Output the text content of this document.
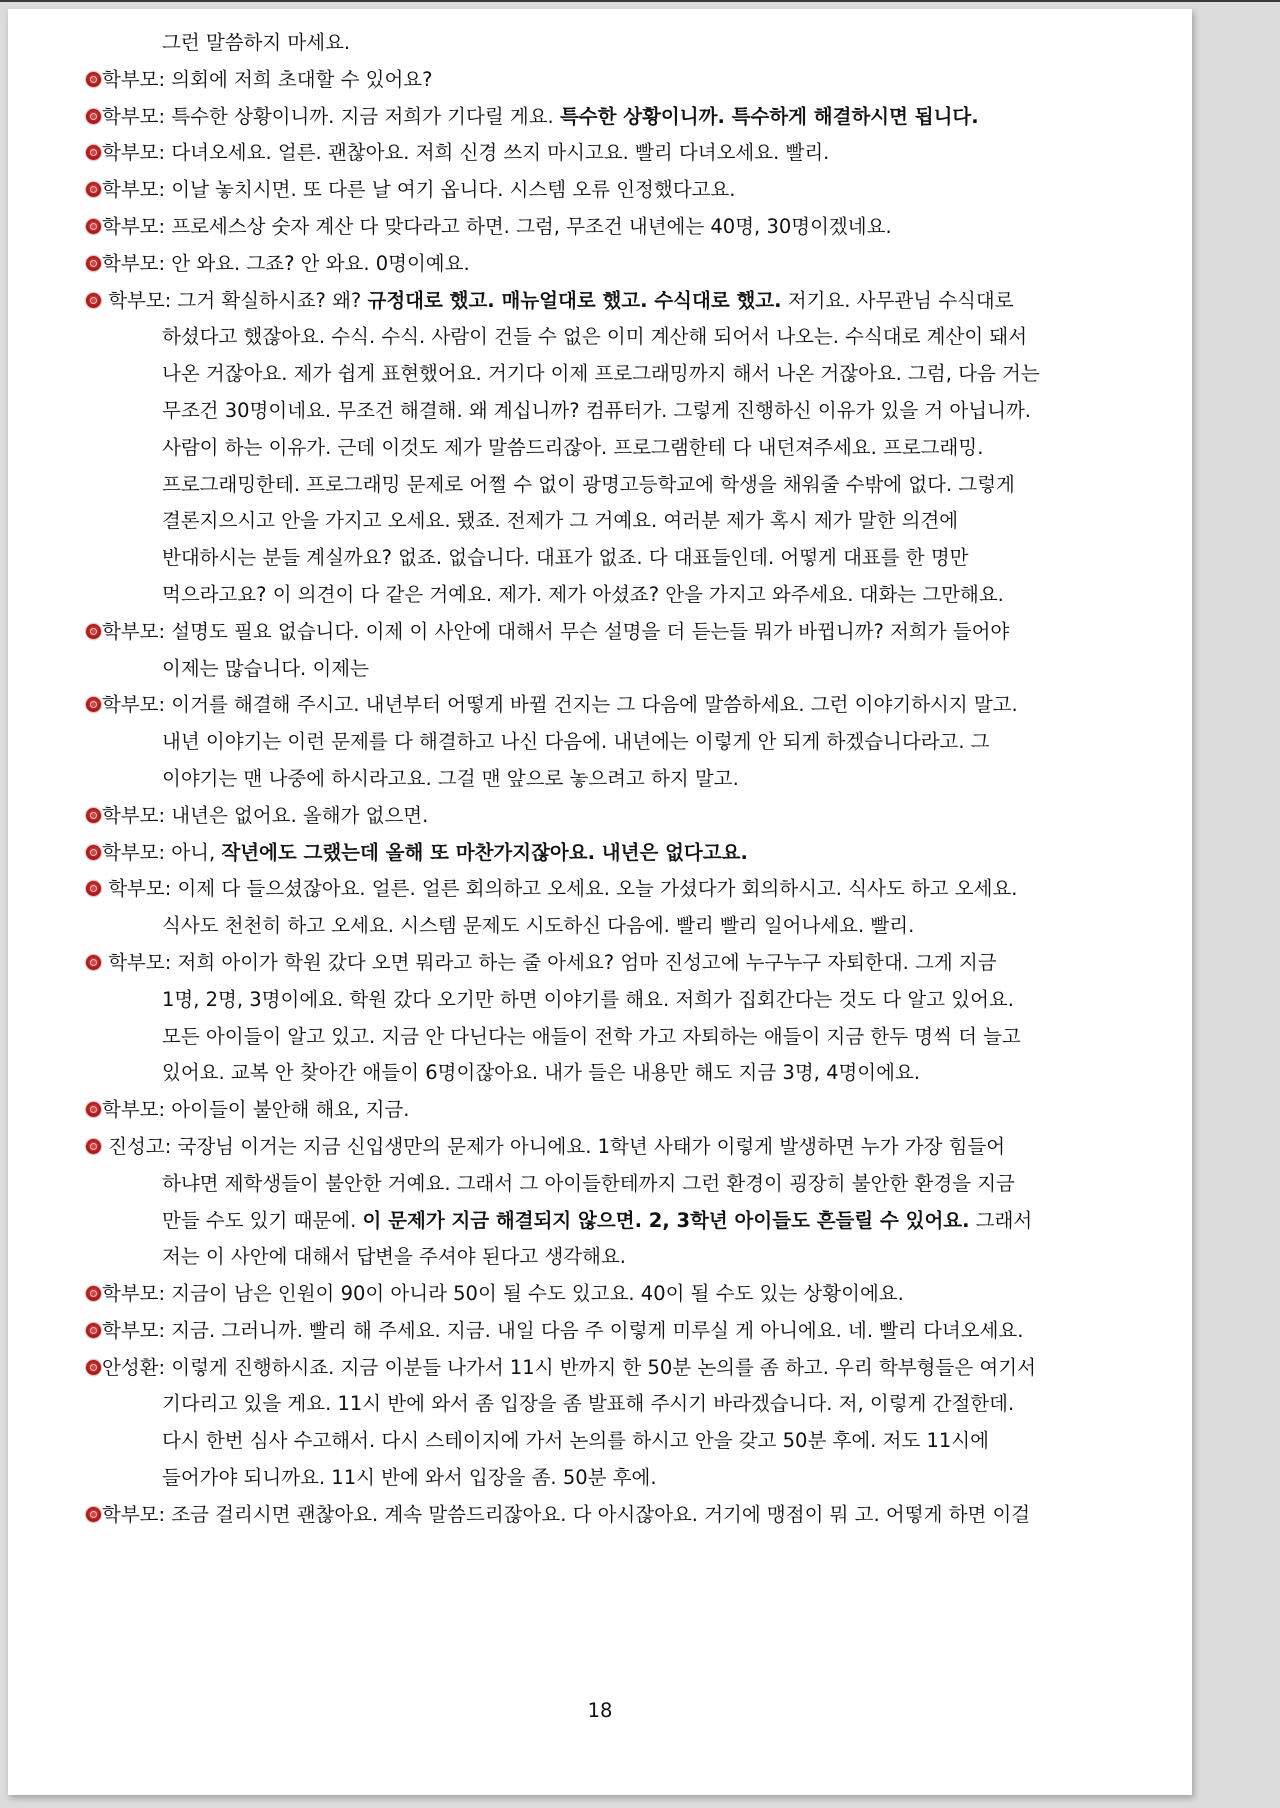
그런 말씀하지 마세요.
학부모: 의회에 저희 초대할 수 있어요?
학부모: 특수한 상황이니까. 지금 저희가 기다릴 게요. 특수한 상황이니까. 특수하게 해결하시면 됩니다.
학부모: 다녀오세요. 얼른. 괜찮아요. 저희 신경 쓰지 마시고요. 빨리 다녀오세요. 빨리.
학부모: 이날 놓치시면. 또 다른 날 여기 옵니다. 시스템 오류 인정했다고요.
학부모: 프로세스상 숫자 계산 다 맞다라고 하면. 그럼, 무조건 내년에는 40명, 30명이겠네요.
학부모: 안 와요. 그죠? 안 와요. 0명이예요.
학부모: 그거 확실하시죠? 왜? 규정대로 했고. 매뉴얼대로 했고. 수식대로 했고. 저기요. 사무관님 수식대로
하셨다고 했잖아요. 수식. 수식. 사람이 건들 수 없은 이미 계산해 되어서 나오는. 수식대로 계산이 돼서
나온 거잖아요. 제가 쉽게 표현했어요. 거기다 이제 프로그래밍까지 해서 나온 거잖아요. 그럼, 다음 거는
무조건 30명이네요. 무조건 해결해. 왜 계십니까? 컴퓨터가. 그렇게 진행하신 이유가 있을 거 아닙니까.
사람이 하는 이유가. 근데 이것도 제가 말씀드리잖아. 프로그램한테 다 내던져주세요. 프로그래밍.
프로그래밍한테. 프로그래밍 문제로 어쩔 수 없이 광명고등학교에 학생을 채워줄 수밖에 없다. 그렇게
결론지으시고 안을 가지고 오세요. 됐죠. 전제가 그 거예요. 여러분 제가 혹시 제가 말한 의견에
반대하시는 분들 계실까요? 없죠. 없습니다. 대표가 없죠. 다 대표들인데. 어떻게 대표를 한 명만
먹으라고요? 이 의견이 다 같은 거예요. 제가. 제가 아셨죠? 안을 가지고 와주세요. 대화는 그만해요.
학부모: 설명도 필요 없습니다. 이제 이 사안에 대해서 무슨 설명을 더 듣는들 뭐가 바뀝니까? 저희가 들어야
이제는 많습니다. 이제는
학부모: 이거를 해결해 주시고. 내년부터 어떻게 바뀔 건지는 그 다음에 말씀하세요. 그런 이야기하시지 말고.
내년 이야기는 이런 문제를 다 해결하고 나신 다음에. 내년에는 이렇게 안 되게 하겠습니다라고. 그
이야기는 맨 나중에 하시라고요. 그걸 맨 앞으로 놓으려고 하지 말고.
학부모: 내년은 없어요. 올해가 없으면.
학부모: 아니, 작년에도 그랬는데 올해 또 마찬가지잖아요. 내년은 없다고요.
학부모: 이제 다 들으셨잖아요. 얼른. 얼른 회의하고 오세요. 오늘 가셨다가 회의하시고. 식사도 하고 오세요.
식사도 천천히 하고 오세요. 시스템 문제도 시도하신 다음에. 빨리 빨리 일어나세요. 빨리.
학부모: 저희 아이가 학원 갔다 오면 뭐라고 하는 줄 아세요? 엄마 진성고에 누구누구 자퇴한대. 그게 지금
1명, 2명, 3명이에요. 학원 갔다 오기만 하면 이야기를 해요. 저희가 집회간다는 것도 다 알고 있어요.
모든 아이들이 알고 있고. 지금 안 다닌다는 애들이 전학 가고 자퇴하는 애들이 지금 한두 명씩 더 늘고
있어요. 교복 안 찾아간 애들이 6명이잖아요. 내가 들은 내용만 해도 지금 3명, 4명이에요.
학부모: 아이들이 불안해 해요, 지금.
진성고: 국장님 이거는 지금 신입생만의 문제가 아니에요. 1학년 사태가 이렇게 발생하면 누가 가장 힘들어
하냐면 제학생들이 불안한 거예요. 그래서 그 아이들한테까지 그런 환경이 굉장히 불안한 환경을 지금
만들 수도 있기 때문에. 이 문제가 지금 해결되지 않으면. 2, 3학년 아이들도 흔들릴 수 있어요. 그래서
저는 이 사안에 대해서 답변을 주셔야 된다고 생각해요.
학부모: 지금이 남은 인원이 90이 아니라 50이 될 수도 있고요. 40이 될 수도 있는 상황이에요.
학부모: 지금. 그러니까. 빨리 해 주세요. 지금. 내일 다음 주 이렇게 미루실 게 아니에요. 네. 빨리 다녀오세요.
안성환: 이렇게 진행하시죠. 지금 이분들 나가서 11시 반까지 한 50분 논의를 좀 하고. 우리 학부형들은 여기서
기다리고 있을 게요. 11시 반에 와서 좀 입장을 좀 발표해 주시기 바라겠습니다. 저, 이렇게 간절한데.
다시 한번 심사 수고해서. 다시 스테이지에 가서 논의를 하시고 안을 갖고 50분 후에. 저도 11시에
들어가야 되니까요. 11시 반에 와서 입장을 좀. 50분 후에.
학부모: 조금 걸리시면 괜찮아요. 계속 말씀드리잖아요. 다 아시잖아요. 거기에 맹점이 뭐 고. 어떻게 하면 이걸
18
